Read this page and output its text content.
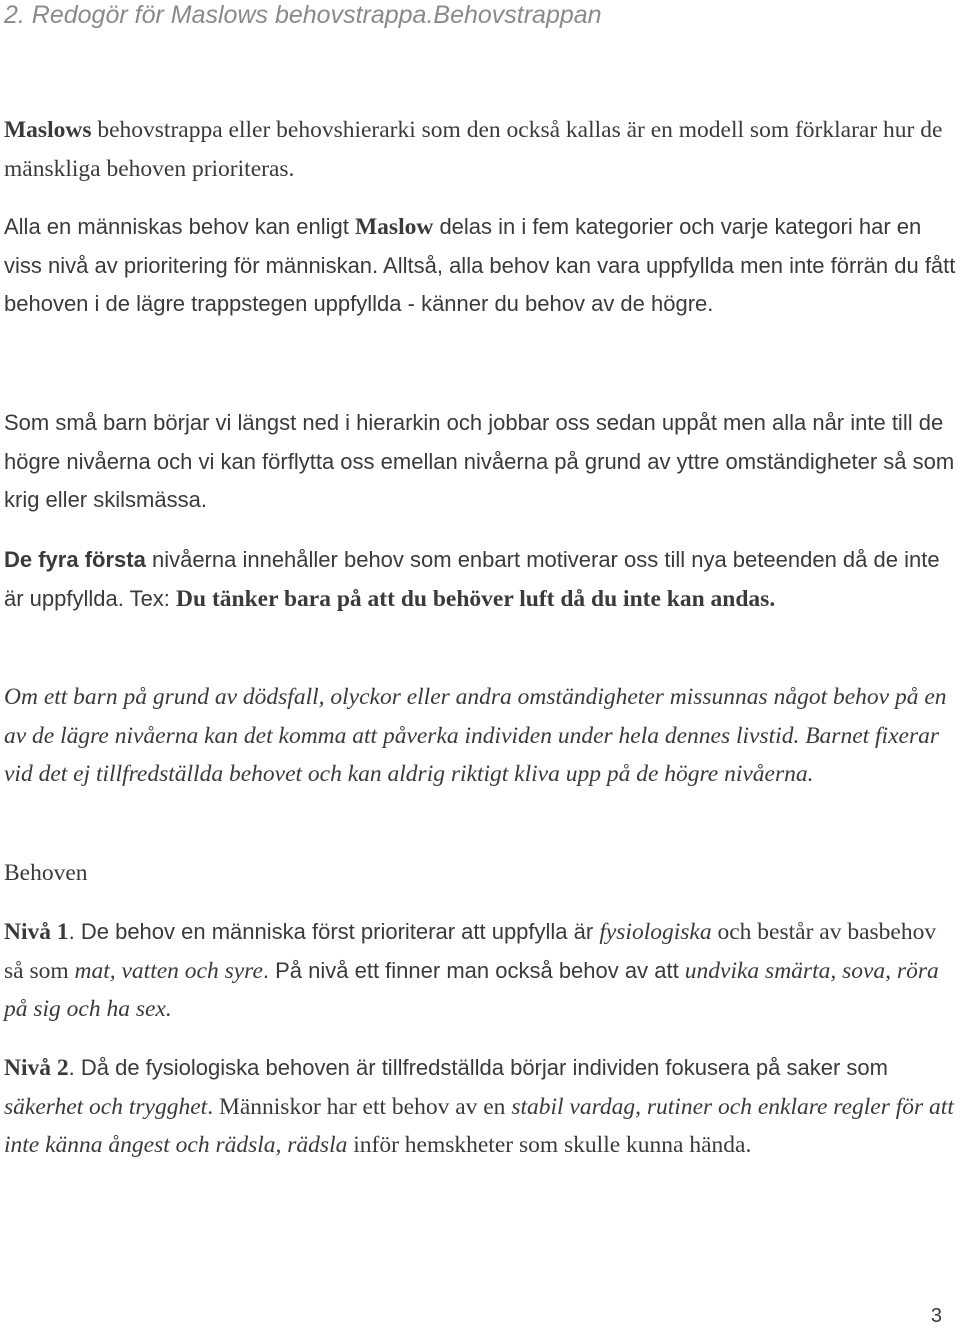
2. Redogör för Maslows behovstrappa.Behovstrappan

Maslows behovstrappa eller behovshierarki som den också kallas är en modell som förklarar hur de mänskliga behoven prioriteras.

Alla en människas behov kan enligt Maslow delas in i fem kategorier och varje kategori har en viss nivå av prioritering för människan. Alltså, alla behov kan vara uppfyllda men inte förrän du fått behoven i de lägre trappstegen uppfyllda - känner du behov av de högre.

Som små barn börjar vi längst ned i hierarkin och jobbar oss sedan uppåt men alla når inte till de högre nivåerna och vi kan förflytta oss emellan nivåerna på grund av yttre omständigheter så som krig eller skilsmässa.

De fyra första nivåerna innehåller behov som enbart motiverar oss till nya beteenden då de inte är uppfyllda. Tex: Du tänker bara på att du behöver luft då du inte kan andas.

Om ett barn på grund av dödsfall, olyckor eller andra omständigheter missunnas något behov på en av de lägre nivåerna kan det komma att påverka individen under hela dennes livstid. Barnet fixerar vid det ej tillfredställda behovet och kan aldrig riktigt kliva upp på de högre nivåerna.

Behoven

Nivå 1. De behov en människa först prioriterar att uppfylla är fysiologiska och består av basbehov så som mat, vatten och syre. På nivå ett finner man också behov av att undvika smärta, sova, röra på sig och ha sex.

Nivå 2. Då de fysiologiska behoven är tillfredställda börjar individen fokusera på saker som säkerhet och trygghet. Människor har ett behov av en stabil vardag, rutiner och enklare regler för att inte känna ångest och rädsla, rädsla inför hemskheter som skulle kunna hända.

3
